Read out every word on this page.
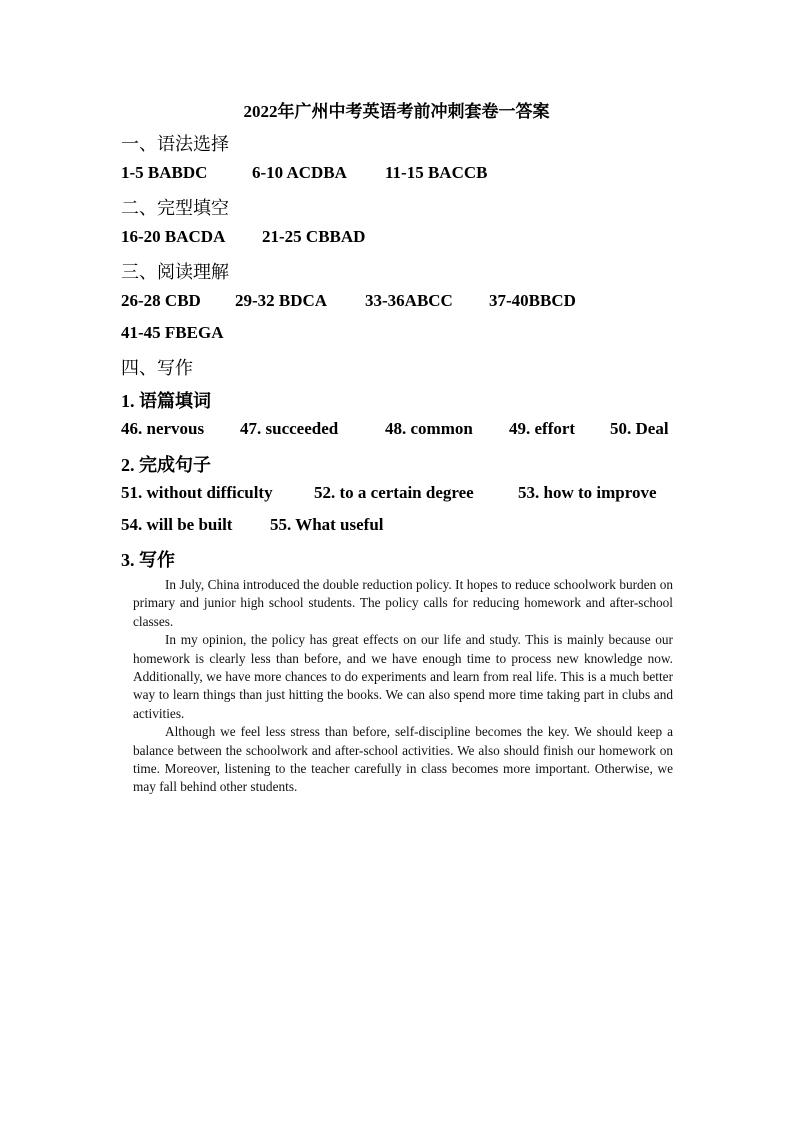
2022年广州中考英语考前冲刺套卷一答案
一、语法选择
1-5 BABDC	6-10 ACDBA	11-15 BACCB
二、完型填空
16-20 BACDA	21-25 CBBAD
三、阅读理解
26-28 CBD	29-32 BDCA	33-36ABCC	37-40BBCD
41-45 FBEGA
四、写作
1. 语篇填词
46. nervous	47. succeeded	48. common	49. effort	50. Deal
2. 完成句子
51. without difficulty	52. to a certain degree	53. how to improve
54. will be built	55. What useful
3. 写作

In July, China introduced the double reduction policy. It hopes to reduce schoolwork burden on primary and junior high school students. The policy calls for reducing homework and after-school classes.

In my opinion, the policy has great effects on our life and study. This is mainly because our homework is clearly less than before, and we have enough time to process new knowledge now. Additionally, we have more chances to do experiments and learn from real life. This is a much better way to learn things than just hitting the books. We can also spend more time taking part in clubs and activities.

Although we feel less stress than before, self-discipline becomes the key. We should keep a balance between the schoolwork and after-school activities. We also should finish our homework on time. Moreover, listening to the teacher carefully in class becomes more important. Otherwise, we may fall behind other students.
